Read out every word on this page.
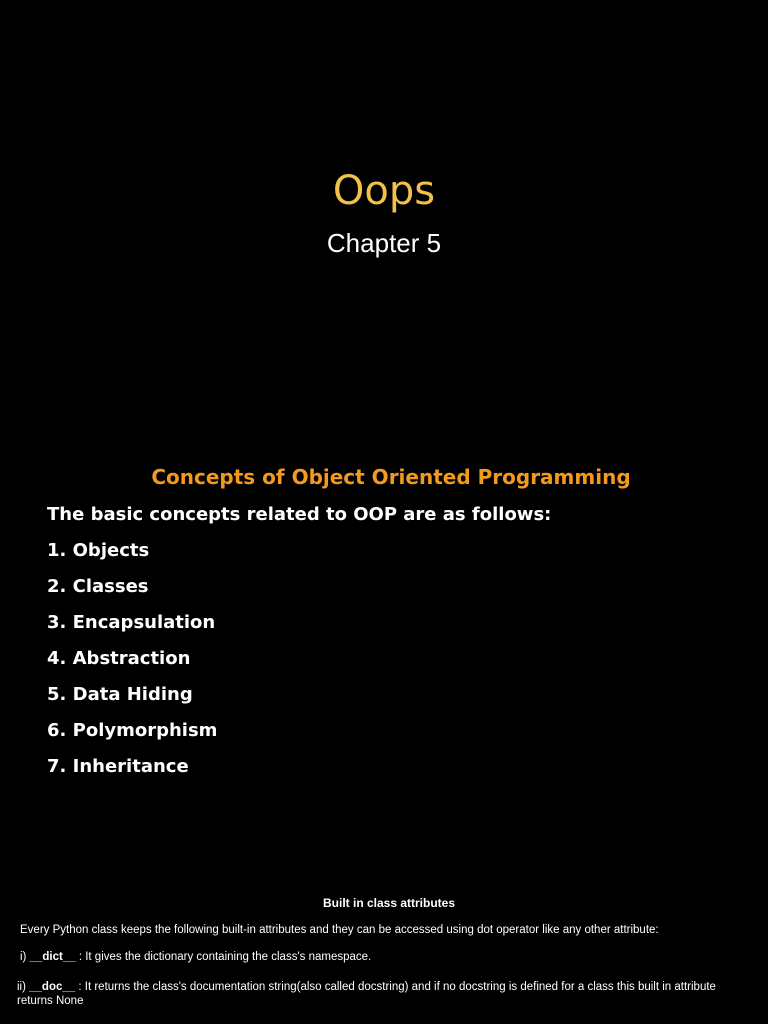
Oops
Chapter 5
Concepts of Object Oriented Programming
The basic concepts related to OOP are as follows:
1. Objects
2. Classes
3. Encapsulation
4. Abstraction
5. Data Hiding
6. Polymorphism
7. Inheritance
Built in class attributes
Every Python class keeps the following built-in attributes and they can be accessed using dot operator like any other attribute:
i) __dict__ : It gives the dictionary containing the class's namespace.
ii) __doc__ : It returns the class's documentation string(also called docstring) and if no docstring is defined for a class this built in attribute returns None
